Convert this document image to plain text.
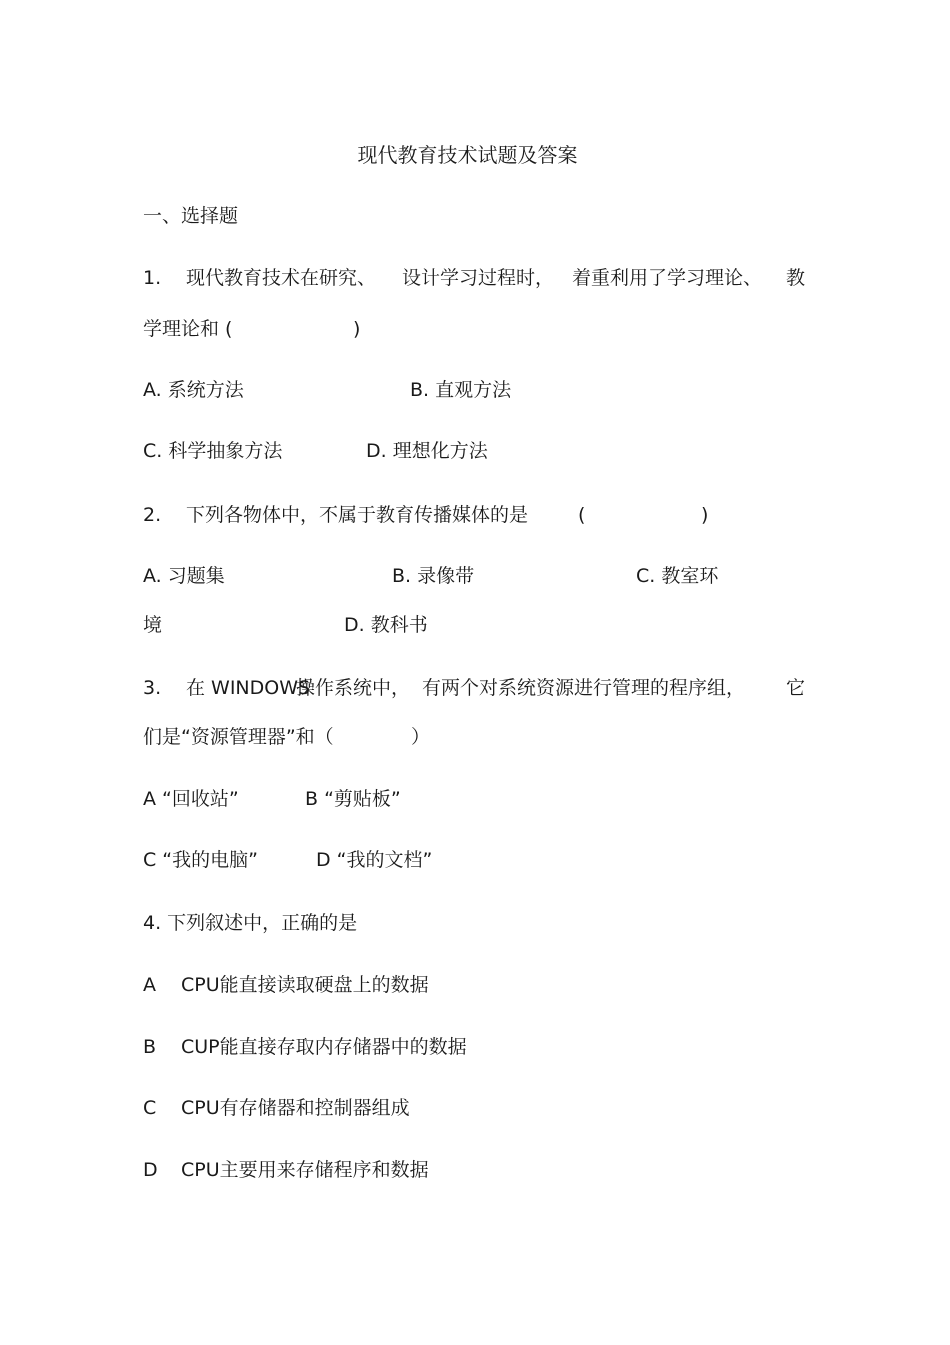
现代教育技术试题及答案
一、选择题
1. 现代教育技术在研究、 设计学习过程时， 着重利用了学习理论、 教
学理论和 (	)
A. 系统方法	B. 直观方法
C. 科学抽象方法	D. 理想化方法
2. 下列各物体中，不属于教育传播媒体的是	(	)
A. 习题集	B. 录像带	C. 教室环
境	D. 教科书
3. 在 WINDOWS
操作系统中， 有两个对系统资源进行管理的程序组， 它
们是“资源管理器”和（	）
A “回收站”	B “剪贴板”
C “我的电脑”	D “我的文档”
4. 下列叙述中，正确的是
A CPU能直接读取硬盘上的数据
B CUP能直接存取内存储器中的数据
C CPU有存储器和控制器组成
D CPU主要用来存储程序和数据
